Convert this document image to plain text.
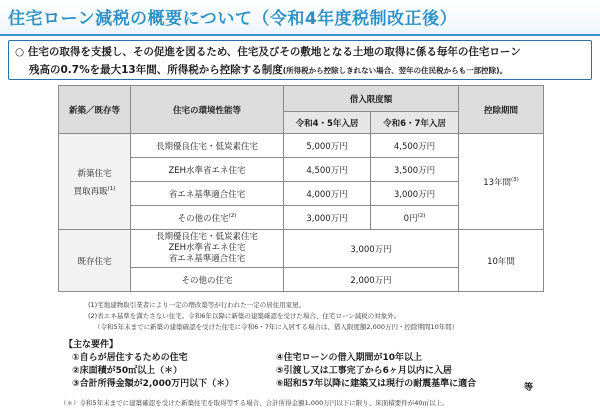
住宅ローン減税の概要について（令和4年度税制改正後）
○ 住宅の取得を支援し、その促進を図るため、住宅及びその敷地となる土地の取得に係る毎年の住宅ローン
残高の0.7%を最大13年間、所得税から控除する制度(所得税から控除しきれない場合、翌年の住民税からも一部控除)。
新築／既存等	住宅の環境性能等	借入限度額		控除期間
		令和4・5年入居	令和6・7年入居	

新築住宅
買取再販$^{(1)}$	長期優良住宅・低炭素住宅	5,000万円	4,500万円	13年間$^{(3)}$
	ZEH水準省エネ住宅	4,500万円	3,500万円	
	省エネ基準適合住宅	4,000万円	3,000万円	
	その他の住宅$^{(2)}$	3,000万円	0円$^{(2)}$
既存住宅	長期優良住宅・低炭素住宅
ZEH水準省エネ住宅
省エネ基準適合住宅	3,000万円		10年間
	その他の住宅	2,000万円		
(1)宅地建物取引業者により一定の増改築等が行われた一定の居住用家屋。
(2)省エネ基準を満たさない住宅。令和6年以降に新築の建築確認を受けた場合、住宅ローン減税の対象外。
（令和5年末までに新築の建築確認を受けた住宅に令和6・7年に入居する場合は、借入限度額2,000万円・控除期間10年間）
【主な要件】
①自らが居住するための住宅
②床面積が50㎡以上（＊）
③合計所得金額が2,000万円以下（＊）
④住宅ローンの借入期間が10年以上
⑤引渡し又は工事完了から6ヶ月以内に入居
⑥昭和57年以降に建築又は現行の耐震基準に適合	等
（＊）令和5年末までに建築確認を受けた新築住宅を取得等する場合、合計所得金額1,000万円以下に限り、床面積要件が40㎡以上。
